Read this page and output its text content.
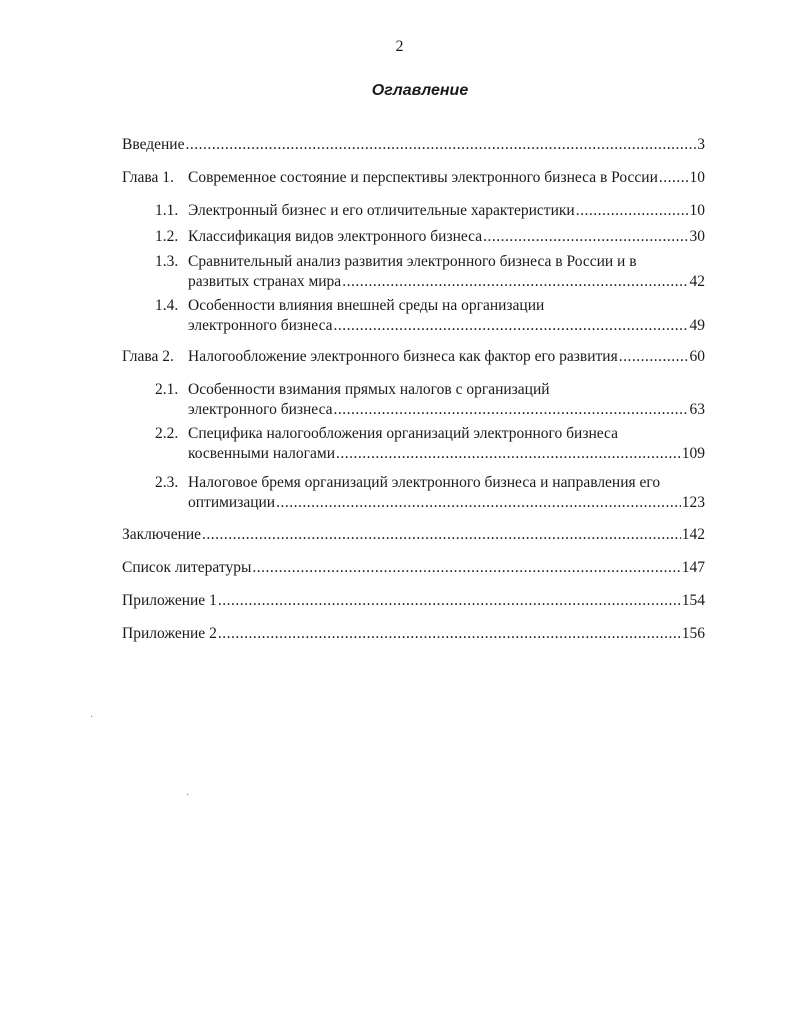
2
Оглавление
Введение .....	3
Глава 1. Современное состояние и перспективы электронного бизнеса в России ..... 10
1.1. Электронный бизнес и его отличительные характеристики .....	10
1.2. Классификация видов электронного бизнеса .....	30
1.3. Сравнительный анализ развития электронного бизнеса в России и в
развитых странах мира .....	42
1.4. Особенности влияния внешней среды на организации
электронного бизнеса .....	49
Глава 2. Налогообложение электронного бизнеса как фактор его развития .....	60
2.1. Особенности взимания прямых налогов с организаций
электронного бизнеса .....	63
2.2. Специфика налогообложения организаций электронного бизнеса
косвенными налогами .....	109
2.3. Налоговое бремя организаций электронного бизнеса и направления его
оптимизации .....	123
Заключение .....	142
Список литературы .....	147
Приложение 1 .....	154
Приложение 2 .....	156
·
·
